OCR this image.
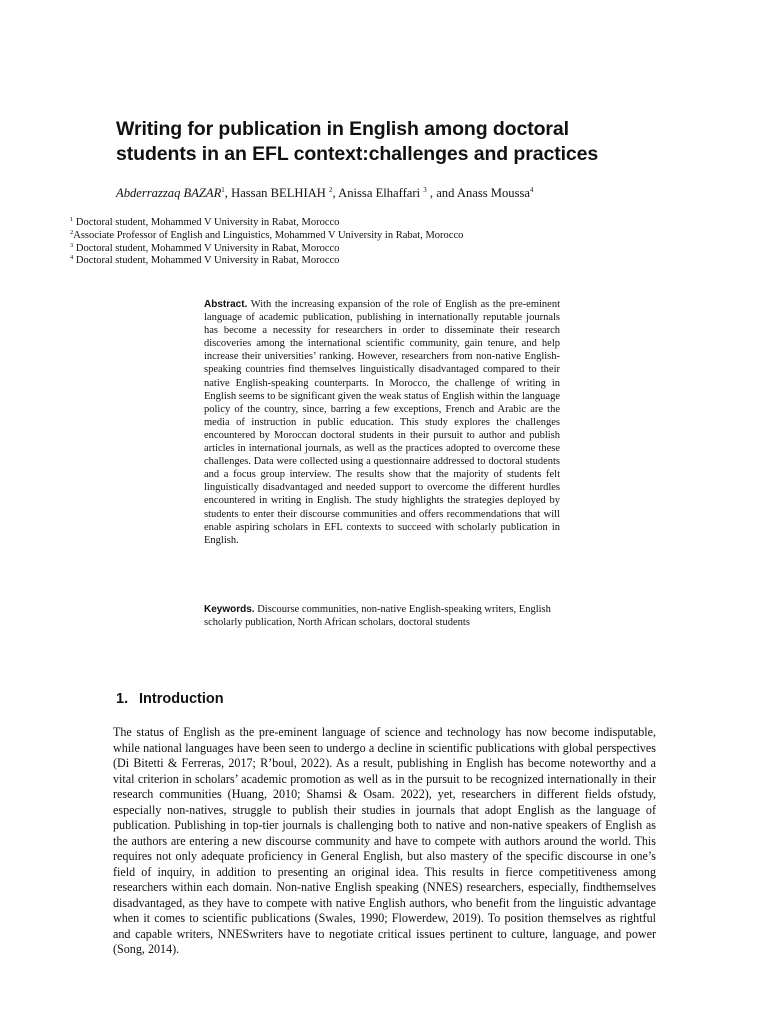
Writing for publication in English among doctoral
students in an EFL context:challenges and practices
Abderrazzaq BAZAR$^1$, Hassan BELHIAH $^2$, Anissa Elhaffari $^3$ , and Anass Moussa$^4$
$^1$ Doctoral student, Mohammed V University in Rabat, Morocco
$^2$Associate Professor of English and Linguistics, Mohammed V University in Rabat, Morocco
$^3$ Doctoral student, Mohammed V University in Rabat, Morocco
$^4$ Doctoral student, Mohammed V University in Rabat, Morocco
Abstract. With the increasing expansion of the role of English as the pre-eminent language of academic publication, publishing in internationally reputable journals has become a necessity for researchers in order to disseminate their research discoveries among the international scientific community, gain tenure, and help increase their universities’ ranking. However, researchers from non-native English-speaking countries find themselves linguistically disadvantaged compared to their native English-speaking counterparts. In Morocco, the challenge of writing in English seems to be significant given the weak status of English within the language policy of the country, since, barring a few exceptions, French and Arabic are the media of instruction in public education. This study explores the challenges encountered by Moroccan doctoral students in their pursuit to author and publish articles in international journals, as well as the practices adopted to overcome these challenges. Data were collected using a questionnaire addressed to doctoral students and a focus group interview. The results show that the majority of students felt linguistically disadvantaged and needed support to overcome the different hurdles encountered in writing in English. The study highlights the strategies deployed by students to enter their discourse communities and offers recommendations that will enable aspiring scholars in EFL contexts to succeed with scholarly publication in English.
Keywords. Discourse communities, non-native English-speaking writers, English scholarly publication, North African scholars, doctoral students
1. Introduction

The status of English as the pre-eminent language of science and technology has now become indisputable, while national languages have been seen to undergo a decline in scientific publications with global perspectives (Di Bitetti & Ferreras, 2017; R’boul, 2022). As a result, publishing in English has become noteworthy and a vital criterion in scholars’ academic promotion as well as in the pursuit to be recognized internationally in their research communities (Huang, 2010; Shamsi & Osam. 2022), yet, researchers in different fields ofstudy, especially non-natives, struggle to publish their studies in journals that adopt English as the language of publication. Publishing in top-tier journals is challenging both to native and non-native speakers of English as the authors are entering a new discourse community and have to compete with authors around the world. This requires not only adequate proficiency in General English, but also mastery of the specific discourse in one’s field of inquiry, in addition to presenting an original idea. This results in fierce competitiveness among researchers within each domain. Non-native English speaking (NNES) researchers, especially, findthemselves disadvantaged, as they have to compete with native English authors, who benefit from the linguistic advantage when it comes to scientific publications (Swales, 1990; Flowerdew, 2019). To position themselves as rightful and capable writers, NNESwriters have to negotiate critical issues pertinent to culture, language, and power (Song, 2014).
